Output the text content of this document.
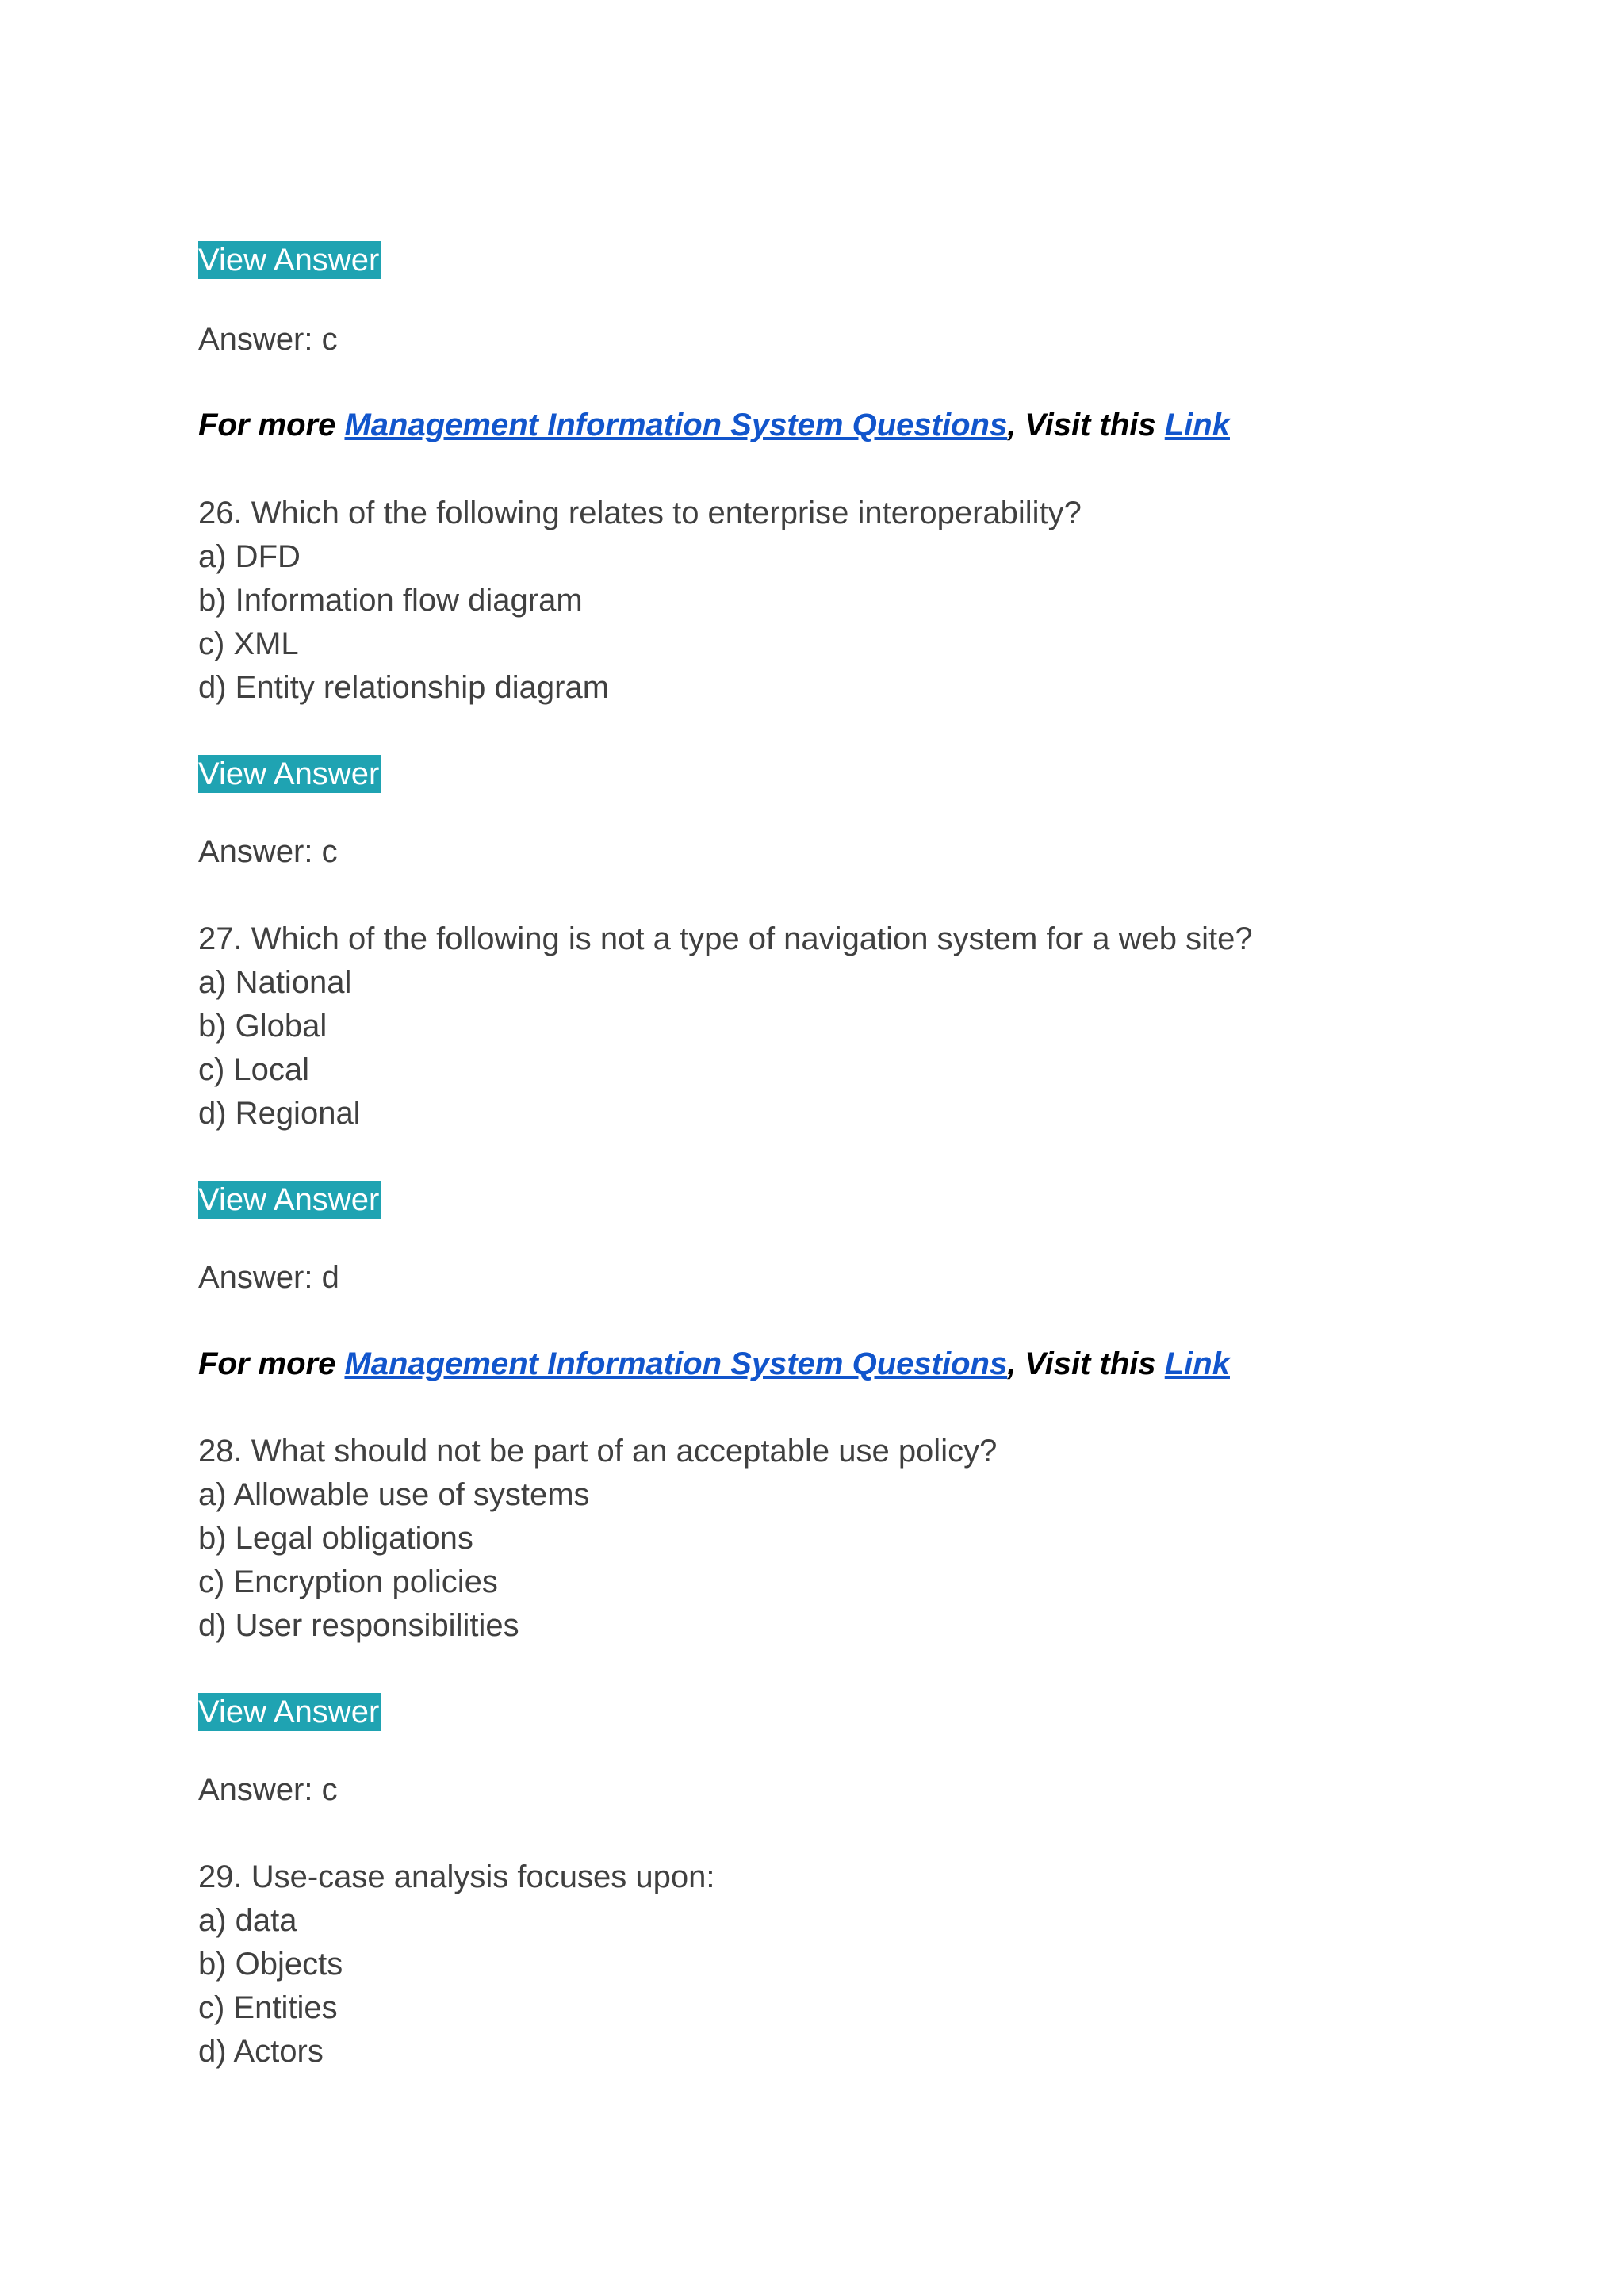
View Answer
Answer: c
For more Management Information System Questions, Visit this Link
26. Which of the following relates to enterprise interoperability?
a) DFD
b) Information flow diagram
c) XML
d) Entity relationship diagram
View Answer
Answer: c
27. Which of the following is not a type of navigation system for a web site?
a) National
b) Global
c) Local
d) Regional
View Answer
Answer: d
For more Management Information System Questions, Visit this Link
28. What should not be part of an acceptable use policy?
a) Allowable use of systems
b) Legal obligations
c) Encryption policies
d) User responsibilities
View Answer
Answer: c
29. Use-case analysis focuses upon:
a) data
b) Objects
c) Entities
d) Actors
